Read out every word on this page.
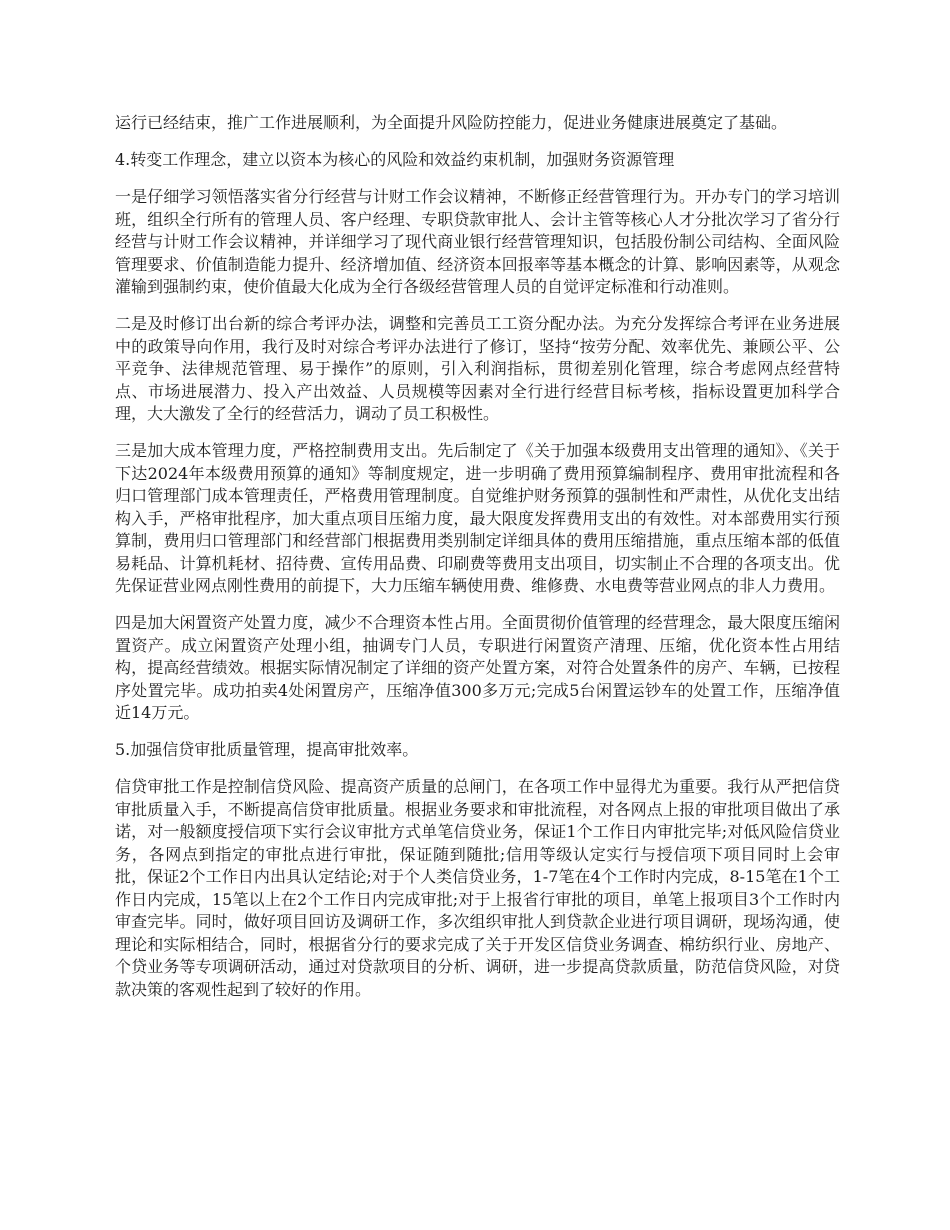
运行已经结束，推广工作进展顺利，为全面提升风险防控能力，促进业务健康进展奠定了基础。

4.转变工作理念，建立以资本为核心的风险和效益约束机制，加强财务资源管理

一是仔细学习领悟落实省分行经营与计财工作会议精神，不断修正经营管理行为。开办专门的学习培训班，组织全行所有的管理人员、客户经理、专职贷款审批人、会计主管等核心人才分批次学习了省分行经营与计财工作会议精神，并详细学习了现代商业银行经营管理知识，包括股份制公司结构、全面风险管理要求、价值制造能力提升、经济增加值、经济资本回报率等基本概念的计算、影响因素等，从观念灌输到强制约束，使价值最大化成为全行各级经营管理人员的自觉评定标准和行动准则。

二是及时修订出台新的综合考评办法，调整和完善员工工资分配办法。为充分发挥综合考评在业务进展中的政策导向作用，我行及时对综合考评办法进行了修订，坚持“按劳分配、效率优先、兼顾公平、公平竞争、法律规范管理、易于操作”的原则，引入利润指标，贯彻差别化管理，综合考虑网点经营特点、市场进展潜力、投入产出效益、人员规模等因素对全行进行经营目标考核，指标设置更加科学合理，大大激发了全行的经营活力，调动了员工积极性。

三是加大成本管理力度，严格控制费用支出。先后制定了《关于加强本级费用支出管理的通知》、《关于下达2024年本级费用预算的通知》等制度规定，进一步明确了费用预算编制程序、费用审批流程和各归口管理部门成本管理责任，严格费用管理制度。自觉维护财务预算的强制性和严肃性，从优化支出结构入手，严格审批程序，加大重点项目压缩力度，最大限度发挥费用支出的有效性。对本部费用实行预算制，费用归口管理部门和经营部门根据费用类别制定详细具体的费用压缩措施，重点压缩本部的低值易耗品、计算机耗材、招待费、宣传用品费、印刷费等费用支出项目，切实制止不合理的各项支出。优先保证营业网点刚性费用的前提下，大力压缩车辆使用费、维修费、水电费等营业网点的非人力费用。

四是加大闲置资产处置力度，减少不合理资本性占用。全面贯彻价值管理的经营理念，最大限度压缩闲置资产。成立闲置资产处理小组，抽调专门人员，专职进行闲置资产清理、压缩，优化资本性占用结构，提高经营绩效。根据实际情况制定了详细的资产处置方案，对符合处置条件的房产、车辆，已按程序处置完毕。成功拍卖4处闲置房产，压缩净值300多万元;完成5台闲置运钞车的处置工作，压缩净值近14万元。

5.加强信贷审批质量管理，提高审批效率。

信贷审批工作是控制信贷风险、提高资产质量的总闸门，在各项工作中显得尤为重要。我行从严把信贷审批质量入手，不断提高信贷审批质量。根据业务要求和审批流程，对各网点上报的审批项目做出了承诺，对一般额度授信项下实行会议审批方式单笔信贷业务，保证1个工作日内审批完毕;对低风险信贷业务，各网点到指定的审批点进行审批，保证随到随批;信用等级认定实行与授信项下项目同时上会审批，保证2个工作日内出具认定结论;对于个人类信贷业务，1-7笔在4个工作时内完成，8-15笔在1个工作日内完成，15笔以上在2个工作日内完成审批;对于上报省行审批的项目，单笔上报项目3个工作时内审查完毕。同时，做好项目回访及调研工作，多次组织审批人到贷款企业进行项目调研，现场沟通，使理论和实际相结合，同时，根据省分行的要求完成了关于开发区信贷业务调查、棉纺织行业、房地产、个贷业务等专项调研活动，通过对贷款项目的分析、调研，进一步提高贷款质量，防范信贷风险，对贷款决策的客观性起到了较好的作用。
